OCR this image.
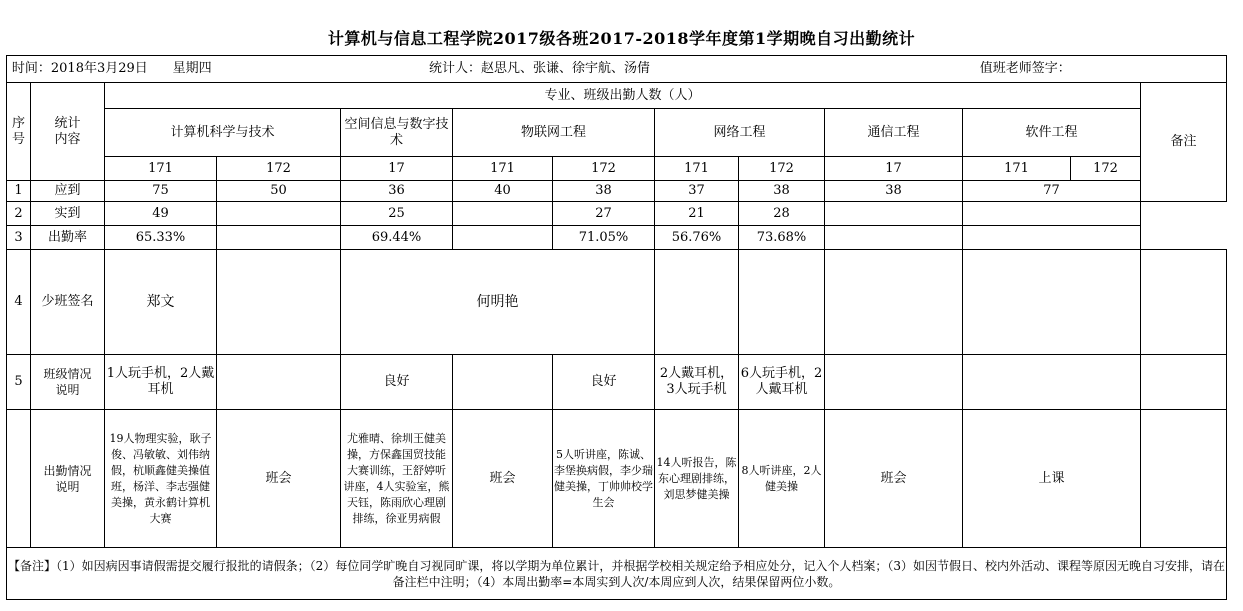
计算机与信息工程学院2017级各班2017-2018学年度第1学期晚自习出勤统计
时间：2018年3月29日 星期四				统计人：赵思凡、张谦、徐宇航、汤倩					值班老师签字：			
序号	统计内容	专业、班级出勤人数（人）										备注
		计算机科学与技术		空间信息与数字技术	物联网工程		网络工程		通信工程	软件工程		
		171	172	17	171	172	171	172	17	171	172	
1	应到	75	50	36	40	38	37	38	38	77		
2	实到	49		25		27	21	28				
3	出勤率	65.33%		69.44%		71.05%	56.76%	73.68%				
4	少班签名	郑文		何明艳								
5	班级情况说明	1人玩手机，2人戴耳机		良好		良好	2人戴耳机，3人玩手机	6人玩手机，2人戴耳机				
	出勤情况说明	19人物理实验，耿子俊、冯敏敏、刘伟纳假，杭顺鑫健美操值班，杨洋、李志强健美操，黄永鹤计算机大赛	班会	尤雅晴、徐圳王健美操，方保鑫国贸技能大赛训练，王舒婷听讲座，4人实验室，熊天钰，陈雨欣心理剧排练，徐亚男病假	班会	5人听讲座，陈诚、李堡换病假，李少瑞健美操，丁帅帅校学生会	14人听报告，陈东心理剧排练，刘思梦健美操	8人听讲座，2人健美操	班会	上课		
【备注】（1）如因病因事请假需提交履行报批的请假条；（2）每位同学旷晚自习视同旷课，将以学期为单位累计，并根据学校相关规定给予相应处分，记入个人档案；（3）如因节假日、校内外活动、课程等原因无晚自习安排，请在备注栏中注明；（4）本周出勤率=本周实到人次/本周应到人次，结果保留两位小数。												
